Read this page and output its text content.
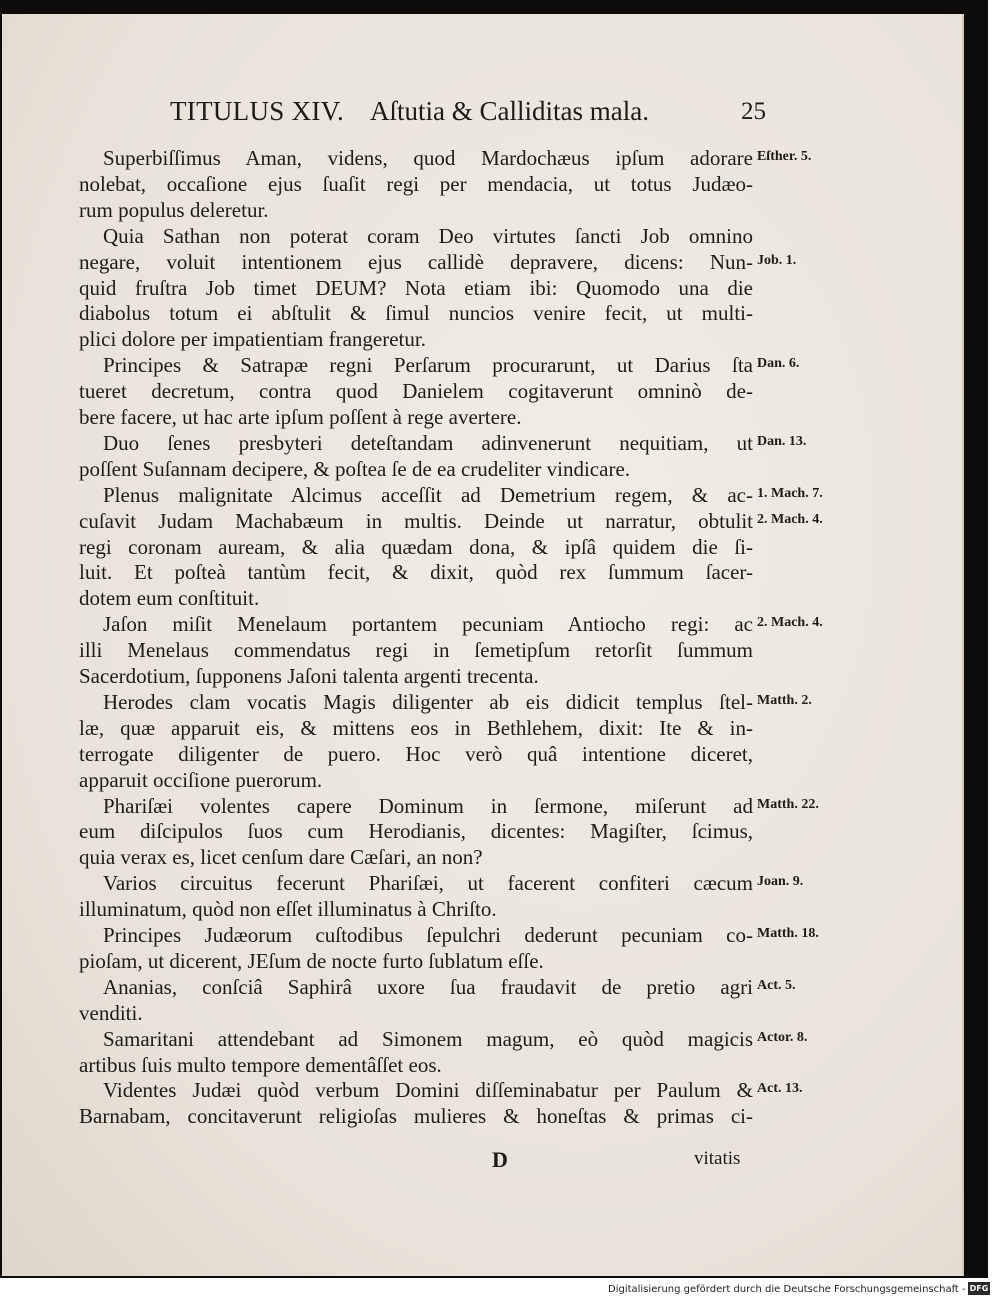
TITULUS XIV. Aſtutia & Calliditas mala.	25
Superbiſſimus Aman, videns, quod Mardochæus ipſum adorare
nolebat, occaſione ejus ſuaſit regi per mendacia, ut totus Judæo-
rum populus deleretur.
Quia Sathan non poterat coram Deo virtutes ſancti Job omnino
negare, voluit intentionem ejus callidè depravere, dicens: Nun-
quid fruſtra Job timet DEUM? Nota etiam ibi: Quomodo una die
diabolus totum ei abſtulit & ſimul nuncios venire fecit, ut multi-
plici dolore per impatientiam frangeretur.
Principes & Satrapæ regni Perſarum procurarunt, ut Darius ſta
tueret decretum, contra quod Danielem cogitaverunt omninò de-
bere facere, ut hac arte ipſum poſſent à rege avertere.
Duo ſenes presbyteri deteſtandam adinvenerunt nequitiam, ut
poſſent Suſannam decipere, & poſtea ſe de ea crudeliter vindicare.
Plenus malignitate Alcimus acceſſit ad Demetrium regem, & ac-
cuſavit Judam Machabæum in multis. Deinde ut narratur, obtulit
regi coronam auream, & alia quædam dona, & ipſâ quidem die ſi-
luit. Et poſteà tantùm fecit, & dixit, quòd rex ſummum ſacer-
dotem eum conſtituit.
Jaſon miſit Menelaum portantem pecuniam Antiocho regi: ac
illi Menelaus commendatus regi in ſemetipſum retorſit ſummum
Sacerdotium, ſupponens Jaſoni talenta argenti trecenta.
Herodes clam vocatis Magis diligenter ab eis didicit templus ſtel-
læ, quæ apparuit eis, & mittens eos in Bethlehem, dixit: Ite & in-
terrogate diligenter de puero. Hoc verò quâ intentione diceret,
apparuit occiſione puerorum.
Phariſæi volentes capere Dominum in ſermone, miſerunt ad
eum diſcipulos ſuos cum Herodianis, dicentes: Magiſter, ſcimus,
quia verax es, licet cenſum dare Cæſari, an non?
Varios circuitus fecerunt Phariſæi, ut facerent confiteri cæcum
illuminatum, quòd non eſſet illuminatus à Chriſto.
Principes Judæorum cuſtodibus ſepulchri dederunt pecuniam co-
pioſam, ut dicerent, JEſum de nocte furto ſublatum eſſe.
Ananias, conſciâ Saphirâ uxore ſua fraudavit de pretio agri
venditi.
Samaritani attendebant ad Simonem magum, eò quòd magicis
artibus ſuis multo tempore dementâſſet eos.
Videntes Judæi quòd verbum Domini diſſeminabatur per Paulum &
Barnabam, concitaverunt religioſas mulieres & honeſtas & primas ci-
Eſther. 5.
Job. 1.
Dan. 6.
Dan. 13.
1. Mach. 7.
2. Mach. 4.
2. Mach. 4.
Matth. 2.
Matth. 22.
Joan. 9.
Matth. 18.
Act. 5.
Actor. 8.
Act. 13.
D	vitatis
Digitalisierung gefördert durch die Deutsche Forschungsgemeinschaft - DFG
